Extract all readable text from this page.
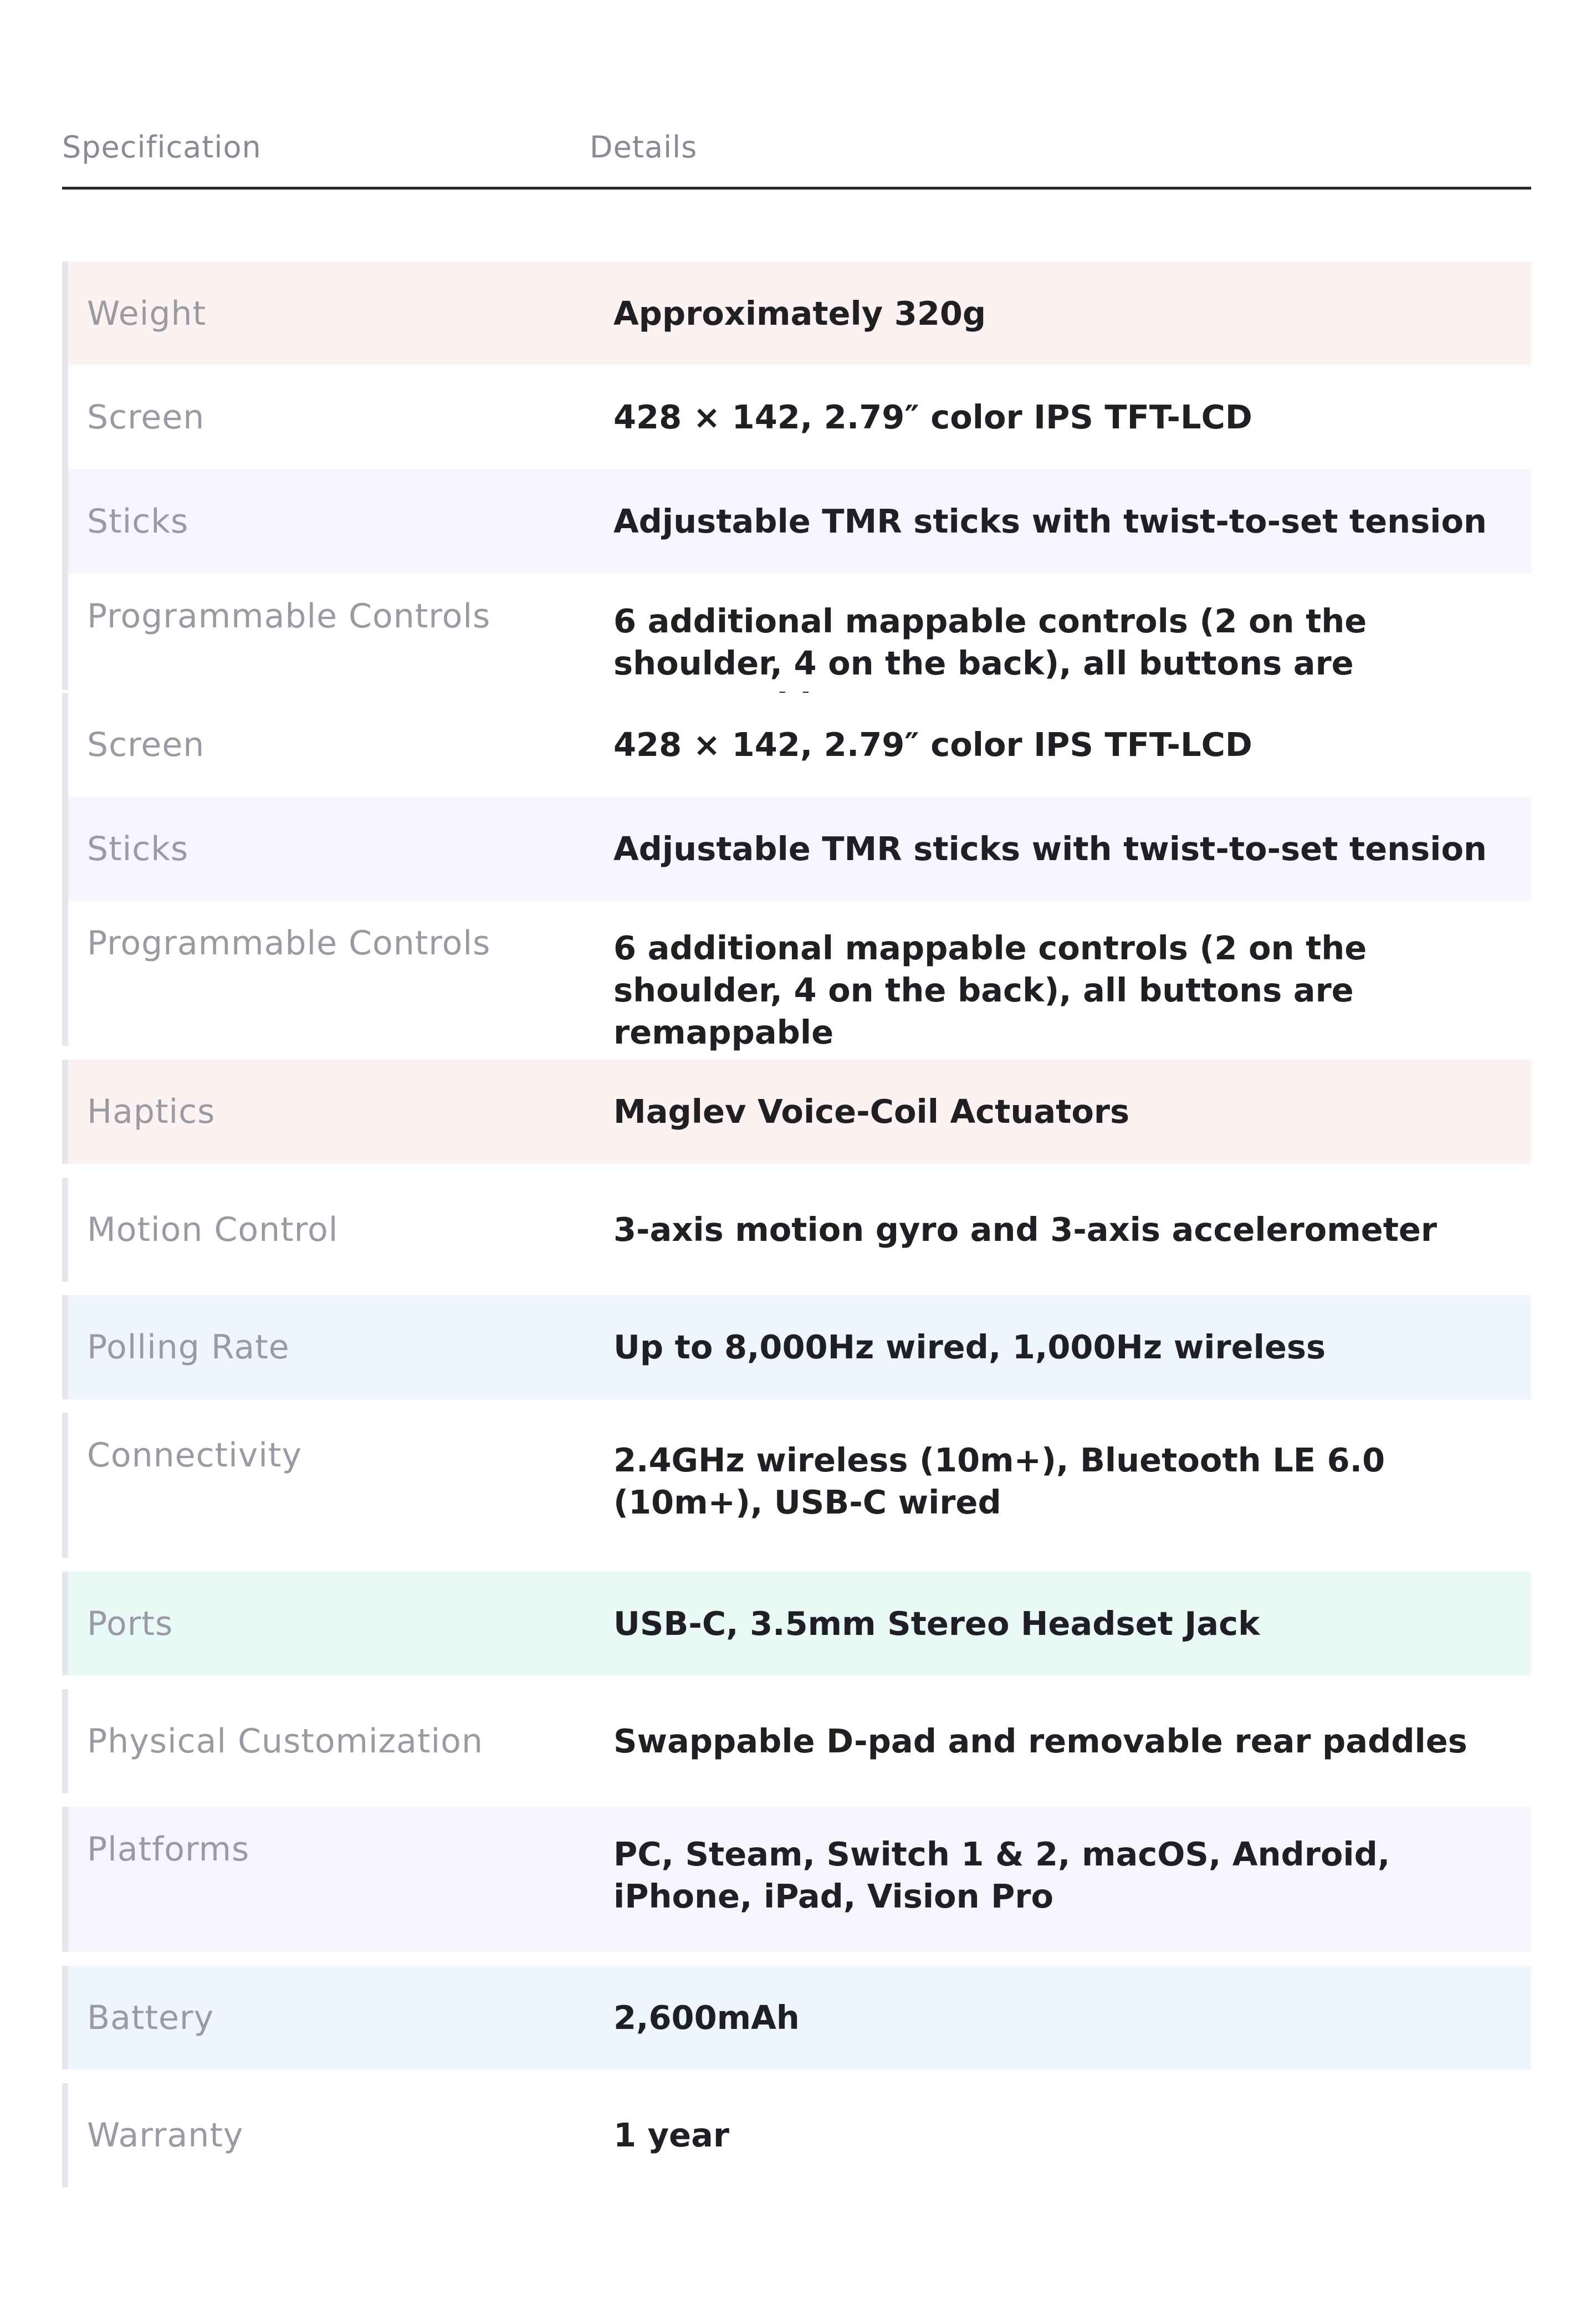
Specification	Details
Weight	Approximately 320g
Screen	428 × 142, 2.79″ color IPS TFT-LCD
Sticks	Adjustable TMR sticks with twist-to-set tension
Programmable Controls	6 additional mappable controls (2 on the shoulder, 4 on the back), all buttons are
Screen	428 × 142, 2.79″ color IPS TFT-LCD
Sticks	Adjustable TMR sticks with twist-to-set tension
Programmable Controls	6 additional mappable controls (2 on the shoulder, 4 on the back), all buttons are remappable
Haptics	Maglev Voice-Coil Actuators
Motion Control	3-axis motion gyro and 3-axis accelerometer
Polling Rate	Up to 8,000Hz wired, 1,000Hz wireless
Connectivity	2.4GHz wireless (10m+), Bluetooth LE 6.0 (10m+), USB-C wired
Ports	USB-C, 3.5mm Stereo Headset Jack
Physical Customization	Swappable D-pad and removable rear paddles
Platforms	PC, Steam, Switch 1 & 2, macOS, Android, iPhone, iPad, Vision Pro
Battery	2,600mAh
Warranty	1 year
